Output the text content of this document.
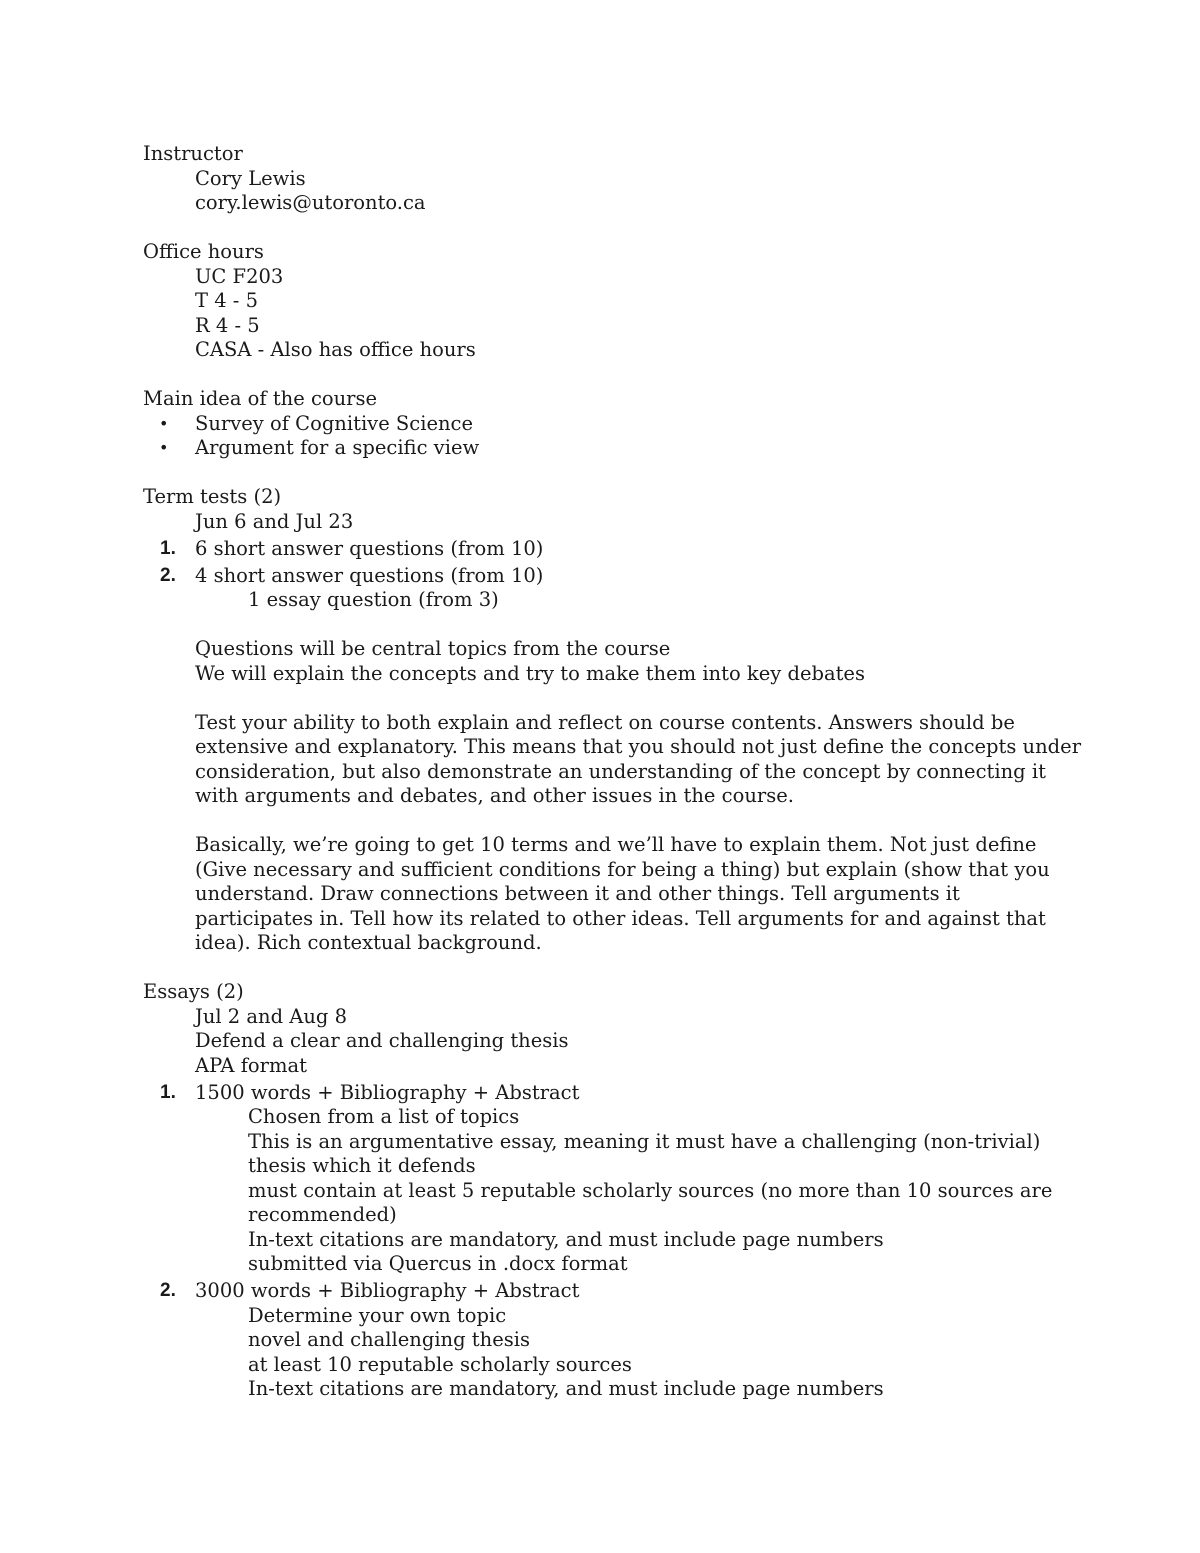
Instructor
Cory Lewis
cory.lewis@utoronto.ca
Office hours
UC F203
T 4 - 5
R 4 - 5
CASA - Also has office hours
Main idea of the course
• Survey of Cognitive Science
• Argument for a specific view
Term tests (2)
Jun 6 and Jul 23
1. 6 short answer questions (from 10)
2. 4 short answer questions (from 10)
1 essay question (from 3)
Questions will be central topics from the course
We will explain the concepts and try to make them into key debates

Test your ability to both explain and reflect on course contents. Answers should be extensive and explanatory. This means that you should not just define the concepts under consideration, but also demonstrate an understanding of the concept by connecting it with arguments and debates, and other issues in the course.

Basically, we’re going to get 10 terms and we’ll have to explain them. Not just define (Give necessary and sufficient conditions for being a thing) but explain (show that you understand. Draw connections between it and other things. Tell arguments it participates in. Tell how its related to other ideas. Tell arguments for and against that idea). Rich contextual background.

Essays (2)
Jul 2 and Aug 8
Defend a clear and challenging thesis
APA format
1. 1500 words + Bibliography + Abstract
Chosen from a list of topics

This is an argumentative essay, meaning it must have a challenging (non-trivial) thesis which it defends

must contain at least 5 reputable scholarly sources (no more than 10 sources are recommended)

In-text citations are mandatory, and must include page numbers
submitted via Quercus in .docx format
2. 3000 words + Bibliography + Abstract
Determine your own topic
novel and challenging thesis
at least 10 reputable scholarly sources
In-text citations are mandatory, and must include page numbers
